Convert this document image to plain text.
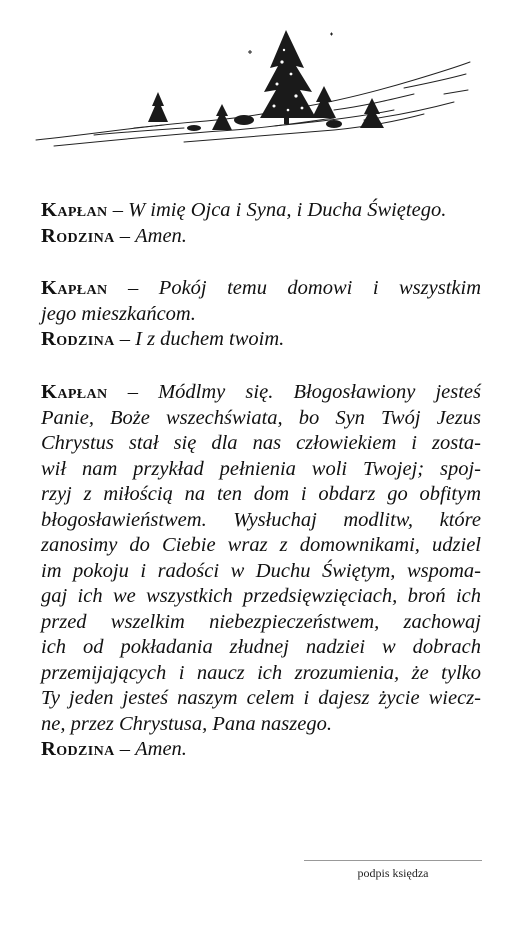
Kapłan – W imię Ojca i Syna, i Ducha Świętego.
Rodzina – Amen.
Kapłan – Pokój temu domowi i wszystkim
jego mieszkańcom.
Rodzina – I z duchem twoim.
Kapłan – Módlmy się. Błogosławiony jesteś
Panie, Boże wszechświata, bo Syn Twój Jezus
Chrystus stał się dla nas człowiekiem i zosta-
wił nam przykład pełnienia woli Twojej; spoj-
rzyj z miłością na ten dom i obdarz go obfitym
błogosławieństwem. Wysłuchaj modlitw, które
zanosimy do Ciebie wraz z domownikami, udziel
im pokoju i radości w Duchu Świętym, wspoma-
gaj ich we wszystkich przedsięwzięciach, broń ich
przed wszelkim niebezpieczeństwem, zachowaj
ich od pokładania złudnej nadziei w dobrach
przemijających i naucz ich zrozumienia, że tylko
Ty jeden jesteś naszym celem i dajesz życie wiecz-
ne, przez Chrystusa, Pana naszego.
Rodzina – Amen.
podpis księdza
